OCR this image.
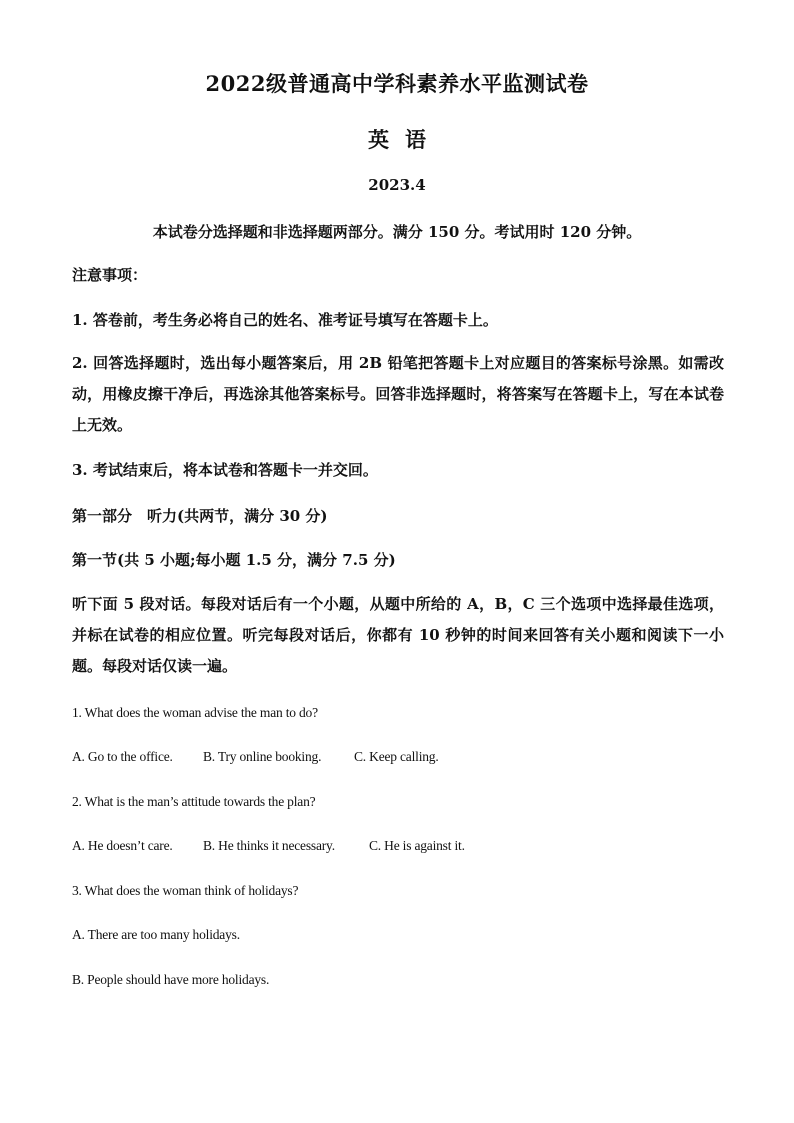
2022级普通高中学科素养水平监测试卷
英语
2023.4
本试卷分选择题和非选择题两部分。满分 150 分。考试用时 120 分钟。
注意事项：
1. 答卷前，考生务必将自己的姓名、准考证号填写在答题卡上。
2. 回答选择题时，选出每小题答案后，用 2B 铅笔把答题卡上对应题目的答案标号涂黑。如需改动，用橡皮擦干净后，再选涂其他答案标号。回答非选择题时，将答案写在答题卡上，写在本试卷上无效。
3. 考试结束后，将本试卷和答题卡一并交回。
第一部分　听力(共两节，满分 30 分)
第一节(共 5 小题;每小题 1.5 分，满分 7.5 分)
听下面 5 段对话。每段对话后有一个小题，从题中所给的 A，B，C 三个选项中选择最佳选项，并标在试卷的相应位置。听完每段对话后，你都有 10 秒钟的时间来回答有关小题和阅读下一小题。每段对话仅读一遍。
1. What does the woman advise the man to do?
A. Go to the office. B. Try online booking. C. Keep calling.
2. What is the man’s attitude towards the plan?
A. He doesn’t care. B. He thinks it necessary.	C. He is against it.
3. What does the woman think of holidays?
A. There are too many holidays.
B. People should have more holidays.
